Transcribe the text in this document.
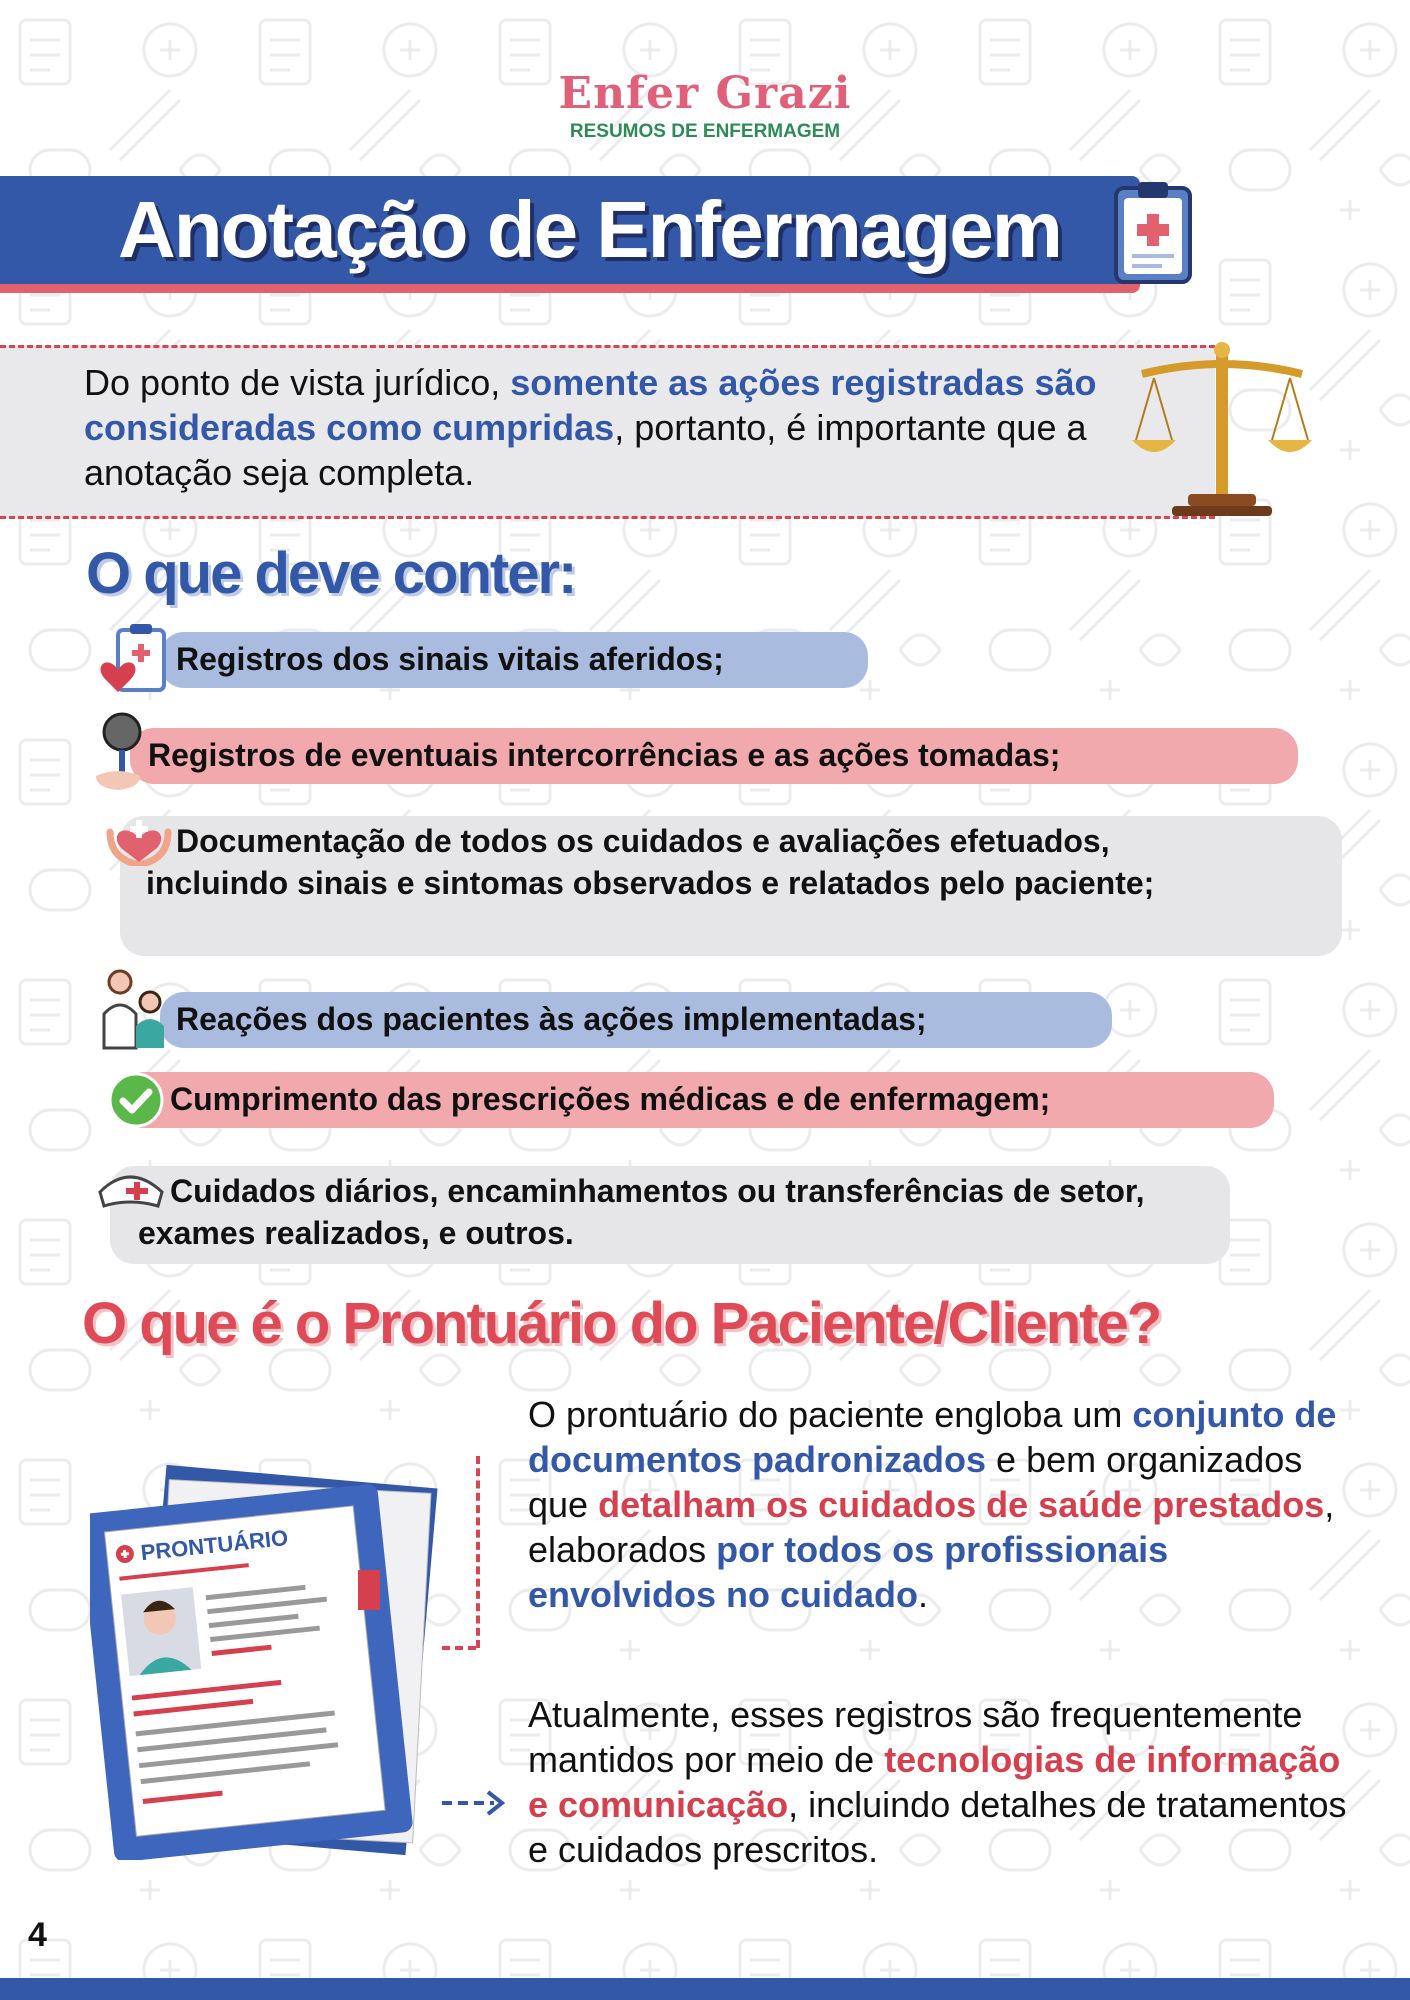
Enfer Grazi
RESUMOS DE ENFERMAGEM
Anotação de Enfermagem
Do ponto de vista jurídico, somente as ações registradas são consideradas como cumpridas, portanto, é importante que a anotação seja completa.
O que deve conter:
Registros dos sinais vitais aferidos;
Registros de eventuais intercorrências e as ações tomadas;
Documentação de todos os cuidados e avaliações efetuados,
incluindo sinais e sintomas observados e relatados pelo paciente;
Reações dos pacientes às ações implementadas;
Cumprimento das prescrições médicas e de enfermagem;
Cuidados diários, encaminhamentos ou transferências de setor, exames realizados, e outros.
O que é o Prontuário do Paciente/Cliente?
PRONTUÁRIO
O prontuário do paciente engloba um conjunto de documentos padronizados e bem organizados que detalham os cuidados de saúde prestados, elaborados por todos os profissionais envolvidos no cuidado.
Atualmente, esses registros são frequentemente mantidos por meio de tecnologias de informação e comunicação, incluindo detalhes de tratamentos e cuidados prescritos.
4
